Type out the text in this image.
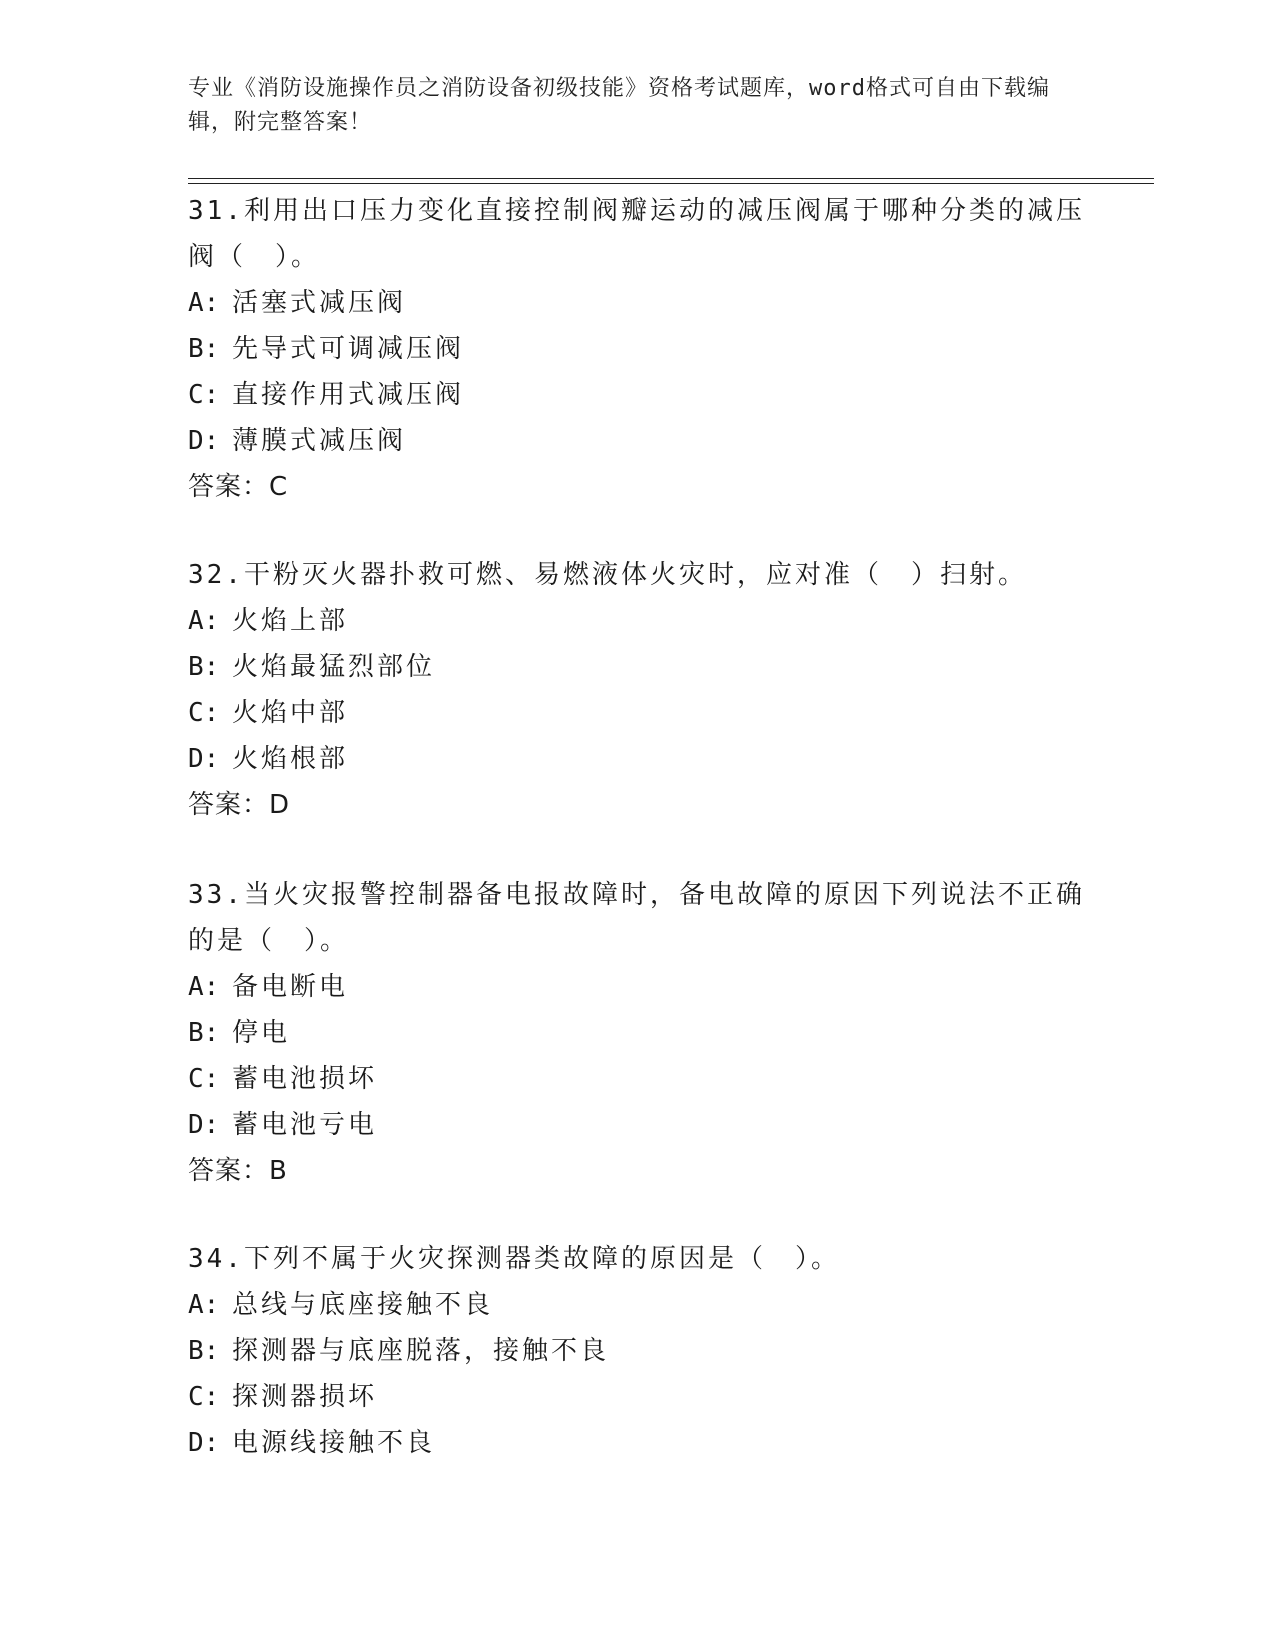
专业《消防设施操作员之消防设备初级技能》资格考试题库，word格式可自由下载编辑，附完整答案！
31.利用出口压力变化直接控制阀瓣运动的减压阀属于哪种分类的减压阀（　）。
A: 活塞式减压阀
B: 先导式可调减压阀
C: 直接作用式减压阀
D: 薄膜式减压阀
答案：C
32.干粉灭火器扑救可燃、易燃液体火灾时，应对准（　）扫射。
A: 火焰上部
B: 火焰最猛烈部位
C: 火焰中部
D: 火焰根部
答案：D
33.当火灾报警控制器备电报故障时，备电故障的原因下列说法不正确的是（　）。
A: 备电断电
B: 停电
C: 蓄电池损坏
D: 蓄电池亏电
答案：B
34.下列不属于火灾探测器类故障的原因是（　）。
A: 总线与底座接触不良
B: 探测器与底座脱落，接触不良
C: 探测器损坏
D: 电源线接触不良
